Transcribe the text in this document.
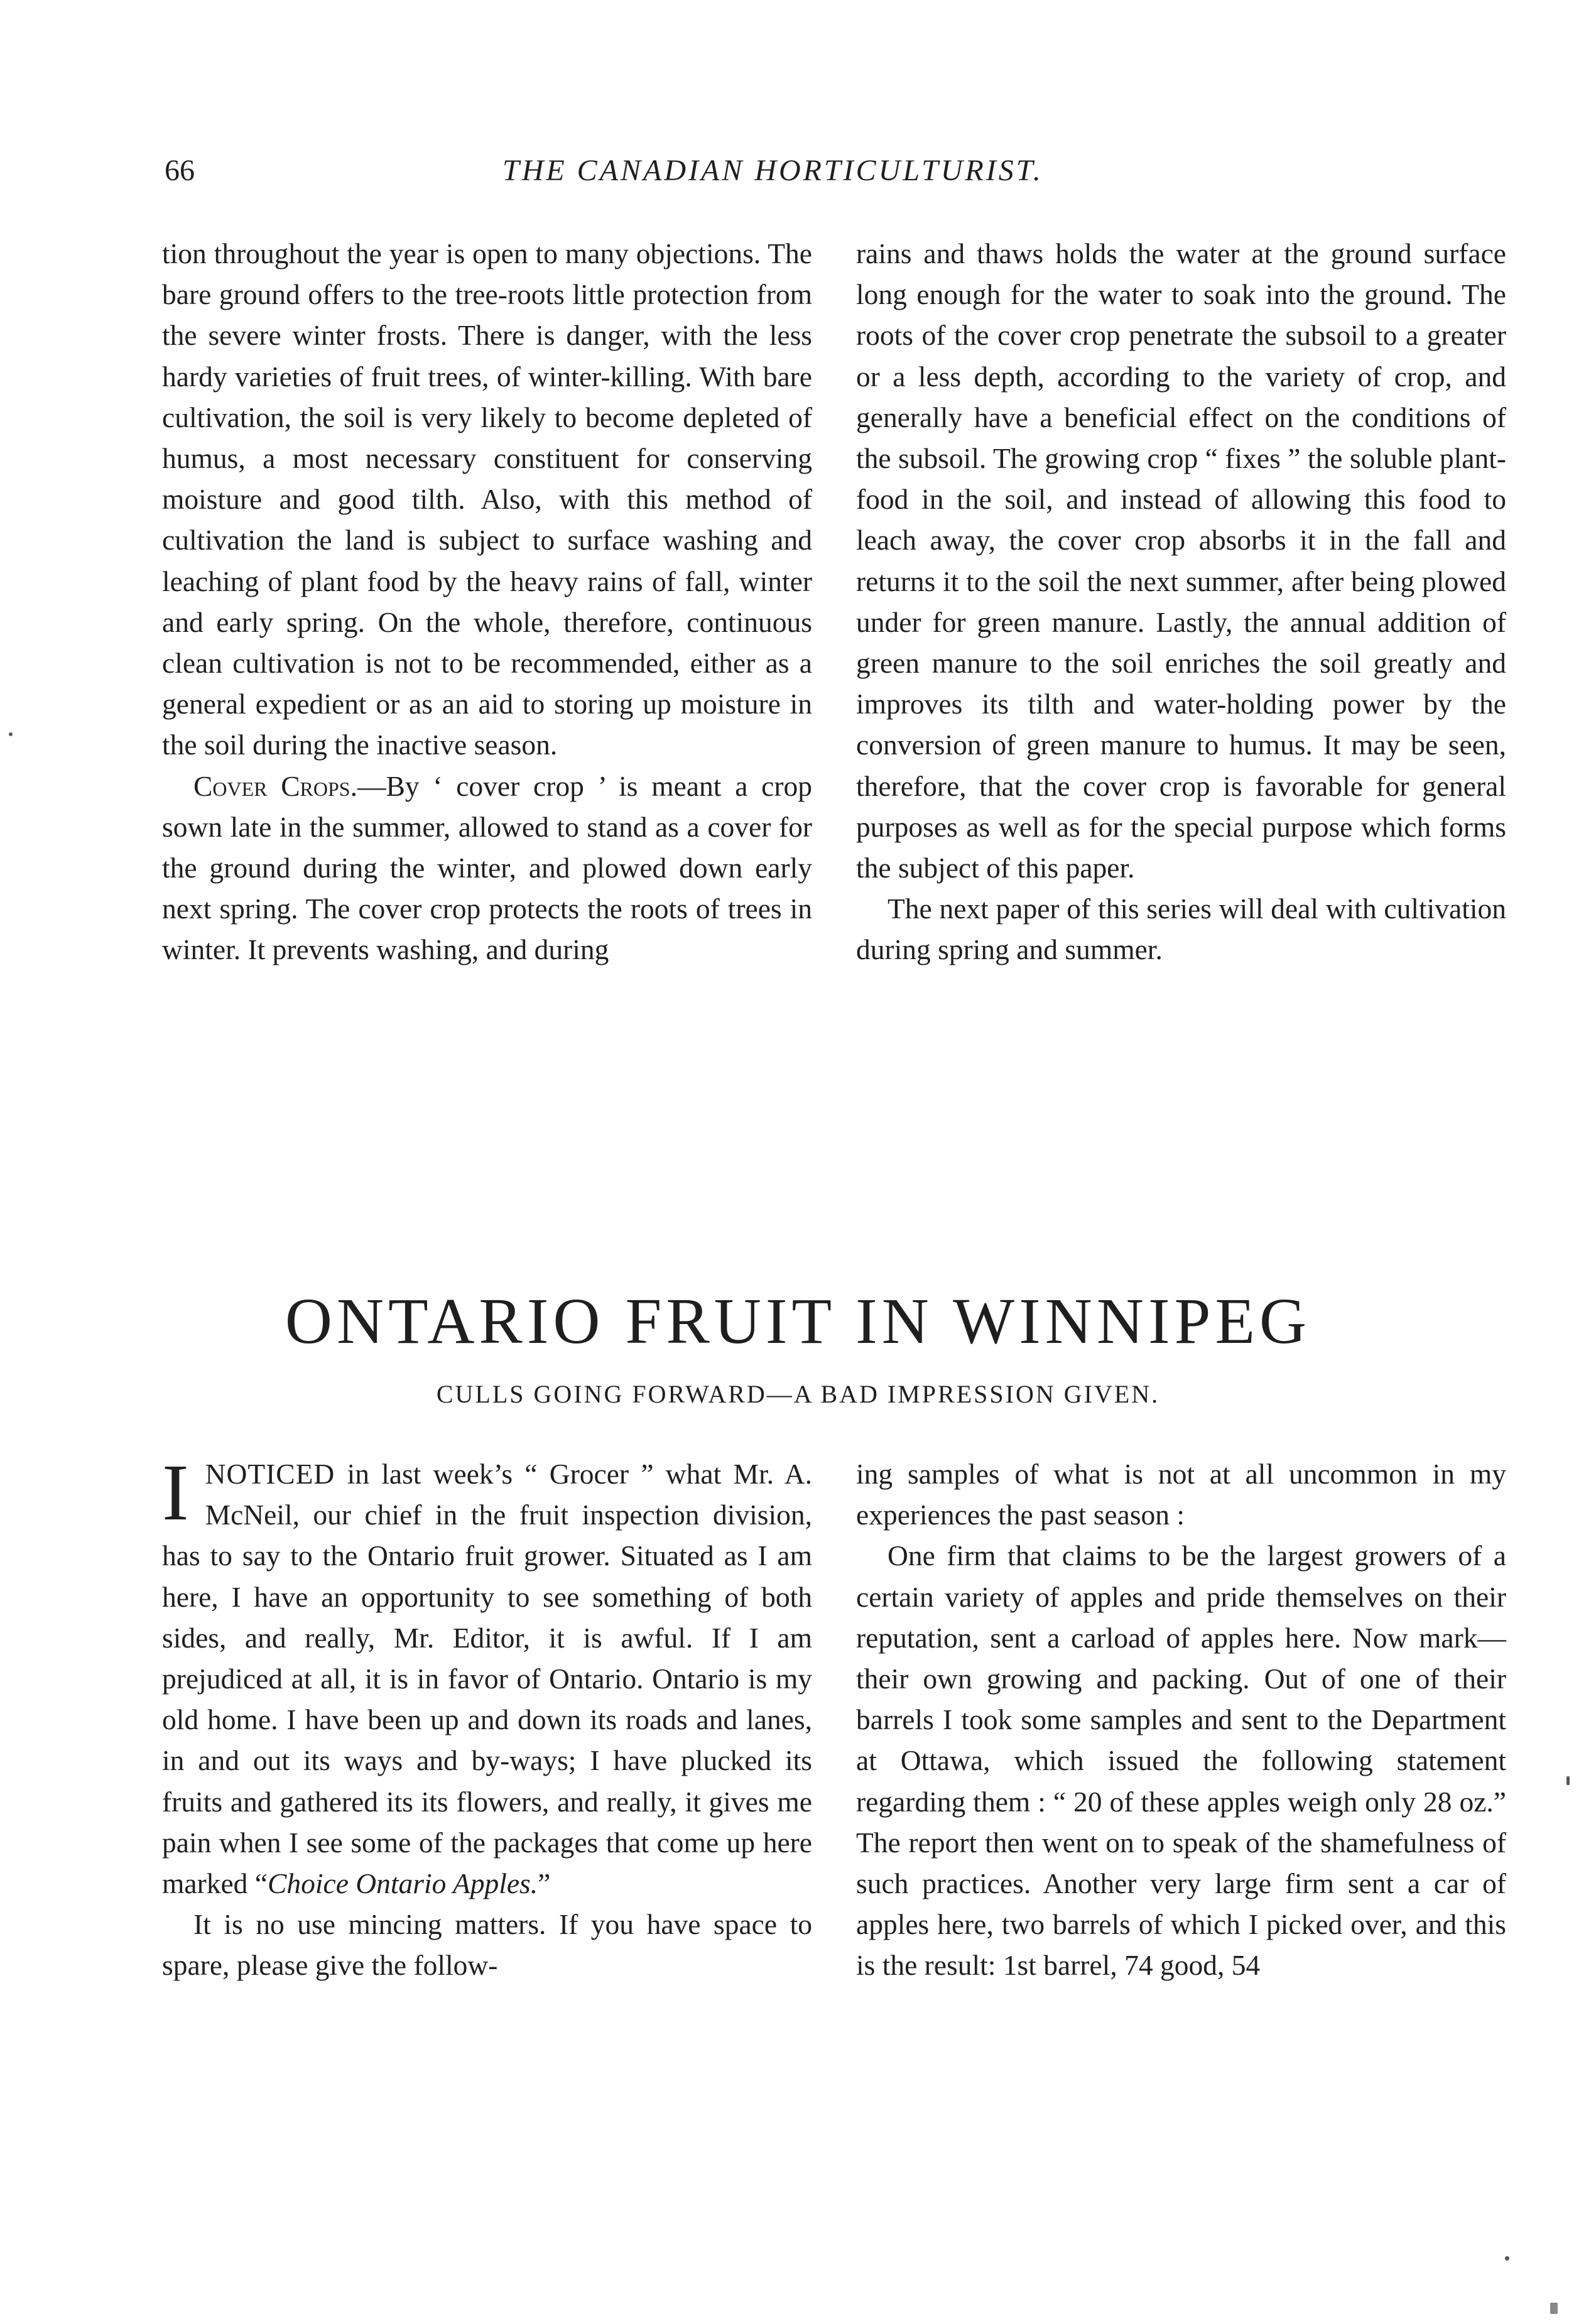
66	THE CANADIAN HORTICULTURIST.

tion throughout the year is open to many objections. The bare ground offers to the tree-roots little protection from the severe winter frosts. There is danger, with the less hardy varieties of fruit trees, of winter-killing. With bare cultivation, the soil is very likely to become depleted of humus, a most necessary constituent for conserving moisture and good tilth. Also, with this method of cultivation the land is subject to surface washing and leaching of plant food by the heavy rains of fall, winter and early spring. On the whole, therefore, continuous clean cultivation is not to be recommended, either as a general expedient or as an aid to storing up moisture in the soil during the inactive season.

Cover Crops.—By ‘ cover crop ’ is meant a crop sown late in the summer, allowed to stand as a cover for the ground during the winter, and plowed down early next spring. The cover crop protects the roots of trees in winter. It prevents washing, and during

rains and thaws holds the water at the ground surface long enough for the water to soak into the ground. The roots of the cover crop penetrate the subsoil to a greater or a less depth, according to the variety of crop, and generally have a beneficial effect on the conditions of the subsoil. The growing crop “ fixes ” the soluble plant-food in the soil, and instead of allowing this food to leach away, the cover crop absorbs it in the fall and returns it to the soil the next summer, after being plowed under for green manure. Lastly, the annual addition of green manure to the soil enriches the soil greatly and improves its tilth and water-holding power by the conversion of green manure to humus. It may be seen, therefore, that the cover crop is favorable for general purposes as well as for the special purpose which forms the subject of this paper.

The next paper of this series will deal with cultivation during spring and summer.

ONTARIO FRUIT IN WINNIPEG
CULLS GOING FORWARD—A BAD IMPRESSION GIVEN.

INOTICED in last week’s “ Grocer ” what Mr. A. McNeil, our chief in the fruit inspection division, has to say to the Ontario fruit grower. Situated as I am here, I have an opportunity to see something of both sides, and really, Mr. Editor, it is awful. If I am prejudiced at all, it is in favor of Ontario. Ontario is my old home. I have been up and down its roads and lanes, in and out its ways and by-ways; I have plucked its fruits and gathered its its flowers, and really, it gives me pain when I see some of the packages that come up here marked “Choice Ontario Apples.”

It is no use mincing matters. If you have space to spare, please give the follow-

ing samples of what is not at all uncommon in my experiences the past season :

One firm that claims to be the largest growers of a certain variety of apples and pride themselves on their reputation, sent a carload of apples here. Now mark—their own growing and packing. Out of one of their barrels I took some samples and sent to the Department at Ottawa, which issued the following statement regarding them : “ 20 of these apples weigh only 28 oz.” The report then went on to speak of the shamefulness of such practices. Another very large firm sent a car of apples here, two barrels of which I picked over, and this is the result: 1st barrel, 74 good, 54
